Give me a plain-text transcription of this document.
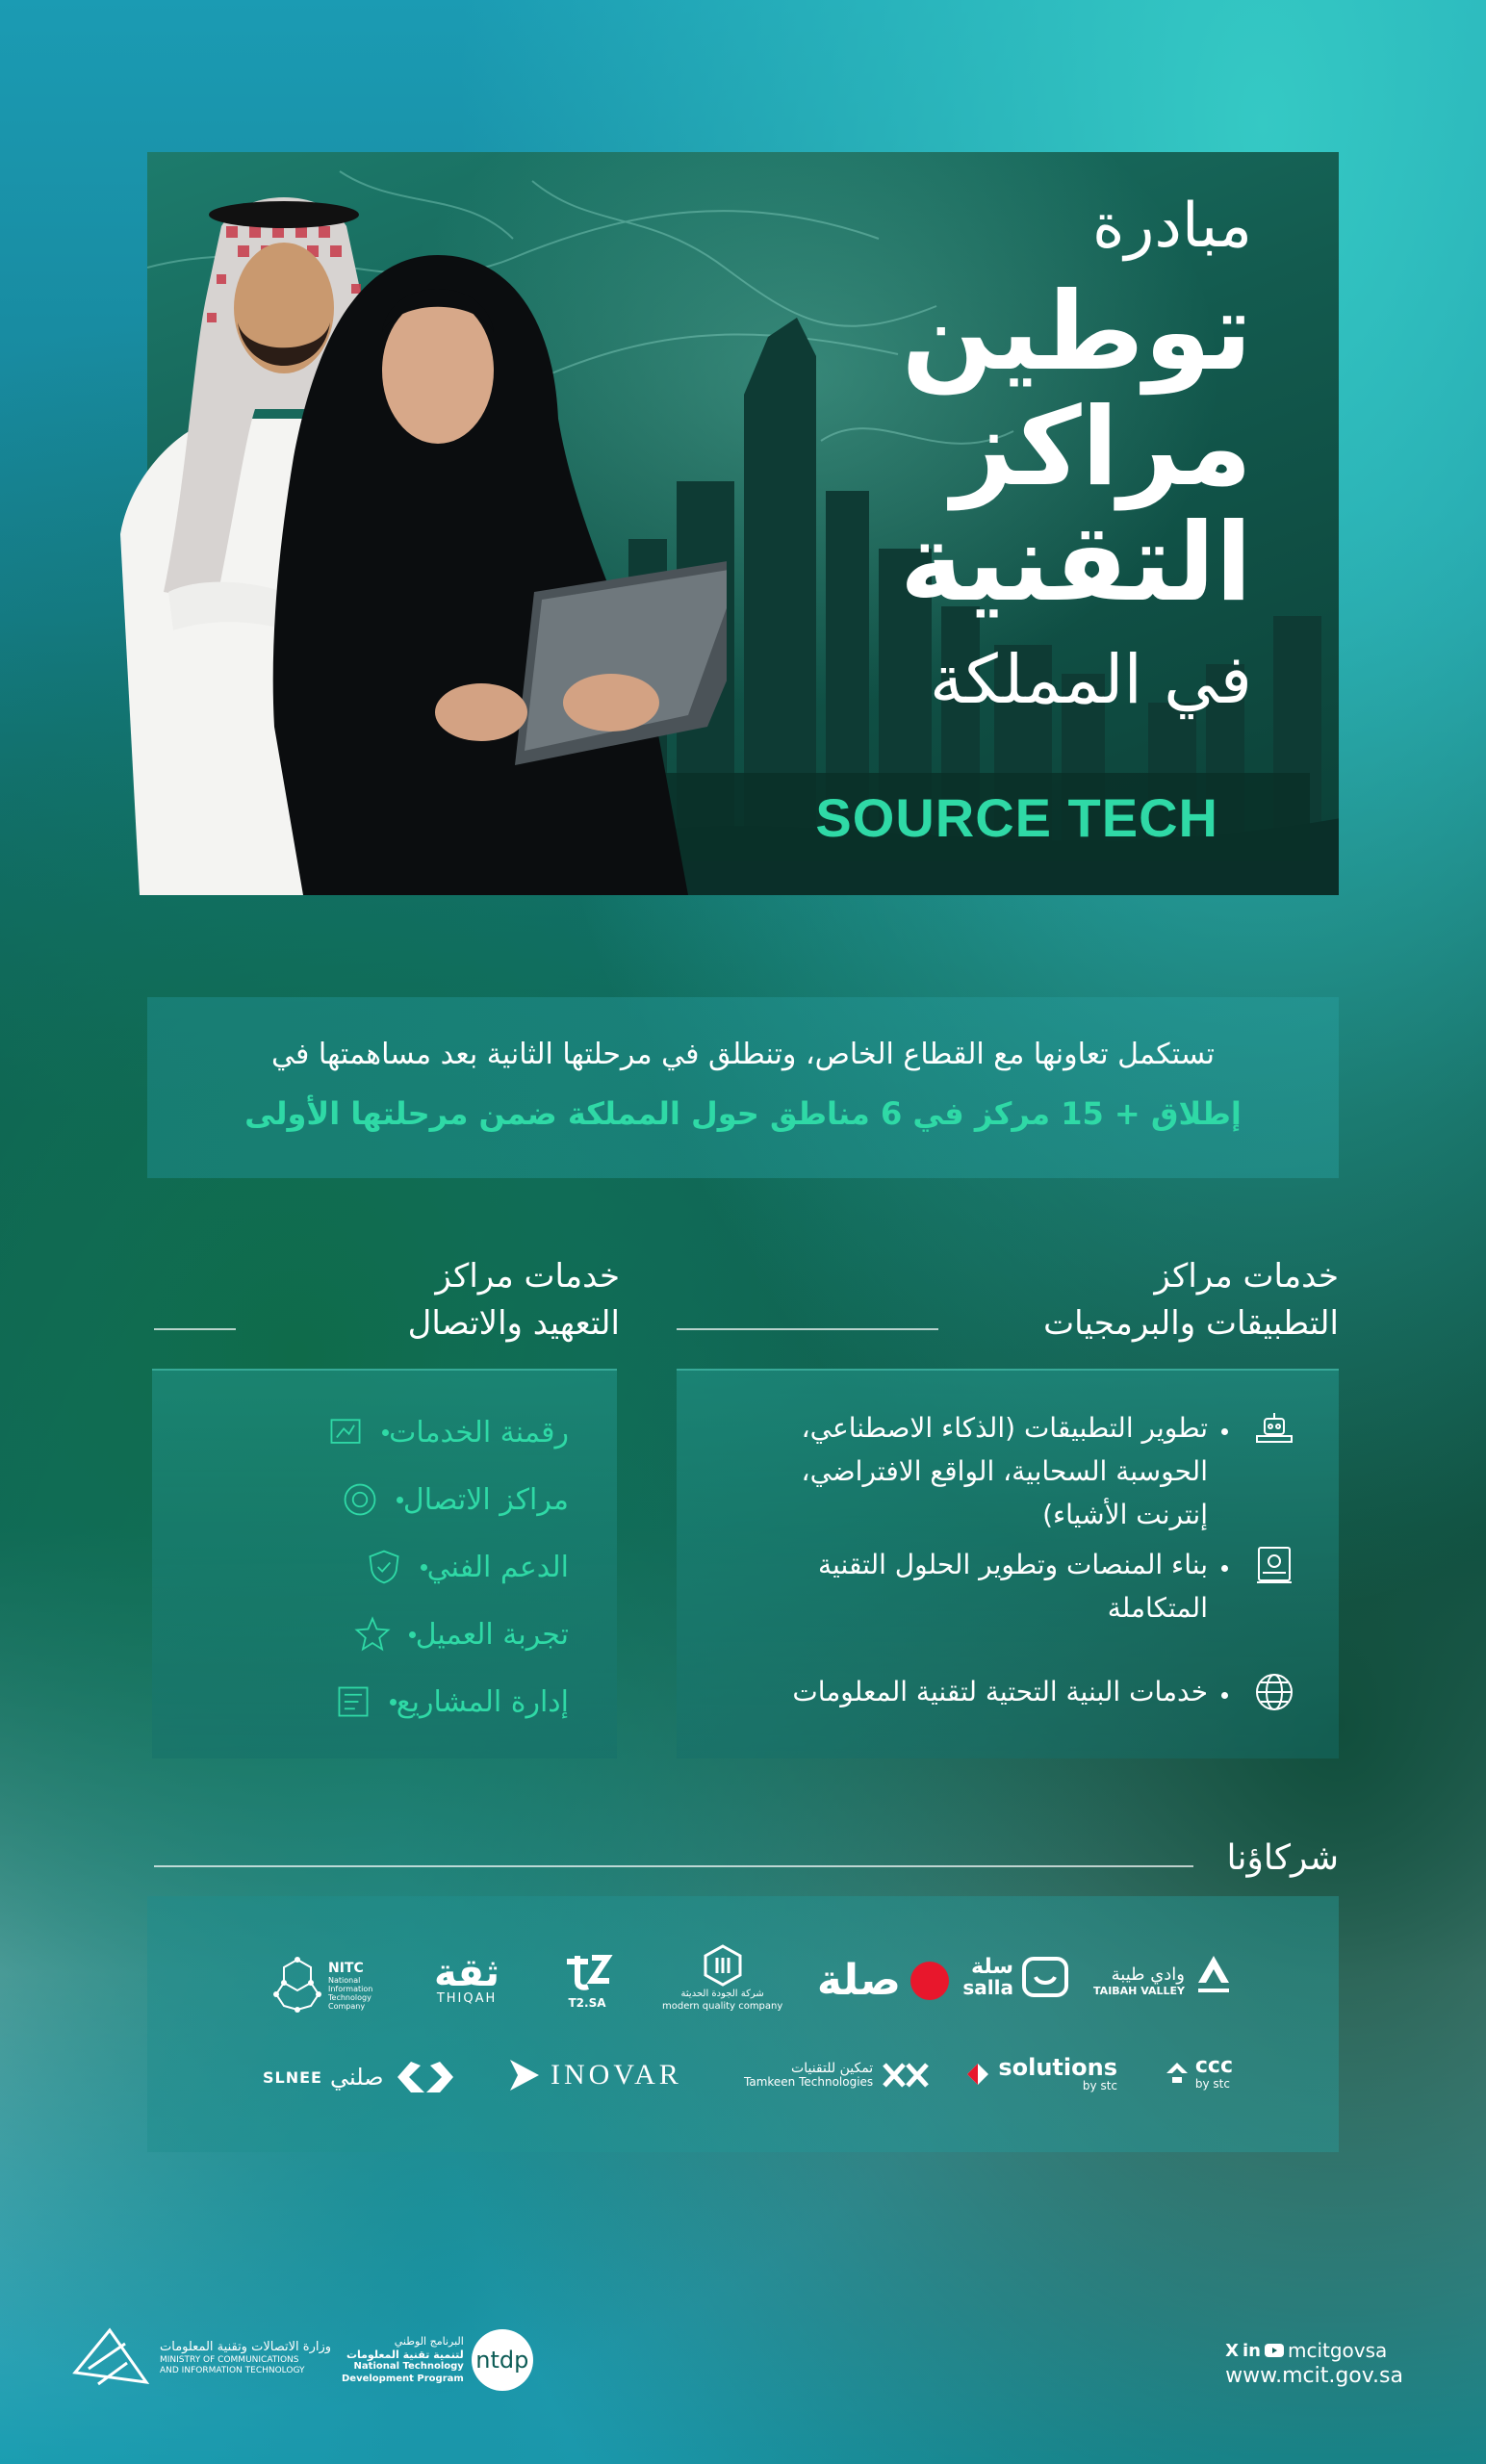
مبادرة
توطين
مراكز
التقنية
في المملكة
SOURCE TECH
تستكمل تعاونها مع القطاع الخاص، وتنطلق في مرحلتها الثانية بعد مساهمتها في
إطلاق + 15 مركز في 6 مناطق حول المملكة ضمن مرحلتها الأولى
خدمات مراكز
التطبيقات والبرمجيات
خدمات مراكز
التعهيد والاتصال
تطوير التطبيقات (الذكاء الاصطناعي، الحوسبة السحابية، الواقع الافتراضي، إنترنت الأشياء)
بناء المنصات وتطوير الحلول التقنية المتكاملة
خدمات البنية التحتية لتقنية المعلومات
رقمنة الخدمات
مراكز الاتصال
الدعم الفني
تجربة العميل
إدارة المشاريع
شركاؤنا
وادي طيبة
TAIBAH VALLEY
سلة
salla
صلة
شركة الجودة الحديثة
modern quality company
T2.SA
ثقة
THIQAH
NITC
National Information Technology Company
ccc
by stc
solutions
by stc
تمكين للتقنيات
Tamkeen Technologies
INOVAR
SLNEE صلني
وزارة الاتصالات وتقنية المعلومات
MINISTRY OF COMMUNICATIONS
AND INFORMATION TECHNOLOGY
البرنامج الوطني
لتنمية تقنية المعلومات
National Technology
Development Program
ntdp	X in mcitgovsa
www.mcit.gov.sa
